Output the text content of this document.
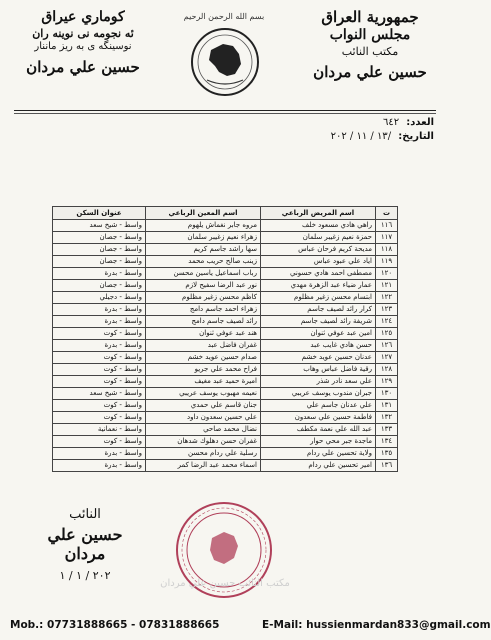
جمهورية العراق
مجلس النواب
مكتب النائب
حسين علي مردان
كوماري عيراق
ئه نجومه نى نوينه ران
نوسينگه ى به ريز ماننار
حسين علي مردان
بسم الله الرحمن الرحيم
العدد: ٦٤٢
التاريخ: /١٣ / ١١ / ٢٠٢
ت	اسم المريض الرباعي	اسم المعين الرباعي	عنوان السكن
١١٦	راهي هادي مسعود خلف	مروه جابر نغماش يلهوم	واسط - شيخ سعد
١١٧	حمزة نعيم زغيبر سلمان	زهراء نعيم زغيبر سلمان	واسط - جصان
١١٨	مديحة كريم فرحان عباس	سها راشد جاسم كريم	واسط - جصان
١١٩	اياد علي عبود عباس	زينب صالح حريب محمد	واسط - جصان
١٢٠	مصطفى احمد هادي حسوني	رباب اسماعيل ياسين محسن	واسط - بدرة
١٢١	عمار ضياء عبد الزهرة مهدي	نور عبد الرضا سفيح لازم	واسط - جصان
١٢٢	ابتسام محسن زغير مظلوم	كاظم محسن زغير مظلوم	واسط - دجيلي
١٢٣	كرار رائد لصيف جاسم	زهراء احمد جاسم دامج	واسط - بدرة
١٢٤	شريفة رائد لصيف جاسم	رائد لصيف جاسم دامج	واسط - بدرة
١٢٥	امين عبد عوفي ثنوان	هند عبد عوفي ثنوان	واسط - كوت
١٢٦	حسن هادي غايب عبد	غفران فاضل عبد	واسط - بدرة
١٢٧	عدنان حسين عويد خشم	صدام حسين عويد خشم	واسط - كوت
١٢٨	رقية فاضل عباس وهاب	فراح محمد علي جريو	واسط - كوت
١٢٩	علي سعد نادر شذر	اميرة حميد عبد مغيف	واسط - كوت
١٣٠	جبران مندوب يوسف عريبي	نعيمه مهبوب يوسف عريبي	واسط - شيخ سعد
١٣١	علي عدنان جاسم علي	جنان قاسم علي حمدي	واسط - كوت
١٣٢	فاطمة حسين علي سعدون	علي حسين سعدون داود	واسط - كوت
١٣٣	عبد الله علي نعمة مكطف	نضال محمد صاحي	واسط - نعمانية
١٣٤	ماجدة جبر محي حوار	غفران حسن دهلوك شدهان	واسط - كوت
١٣٥	ولاية تحسين علي ردام	رسلية علي ردام محسن	واسط - بدرة
١٣٦	امير تحسين علي ردام	اسماء محمد عبد الرضا كمر	واسط - بدرة
النائب
حسين علي مردان
٢٠٢ / ١ / ١
مكتب النائب حسين علي مردان
Mob.: 07731888665 - 07831888665	E-Mail: hussienmardan833@gmail.com
